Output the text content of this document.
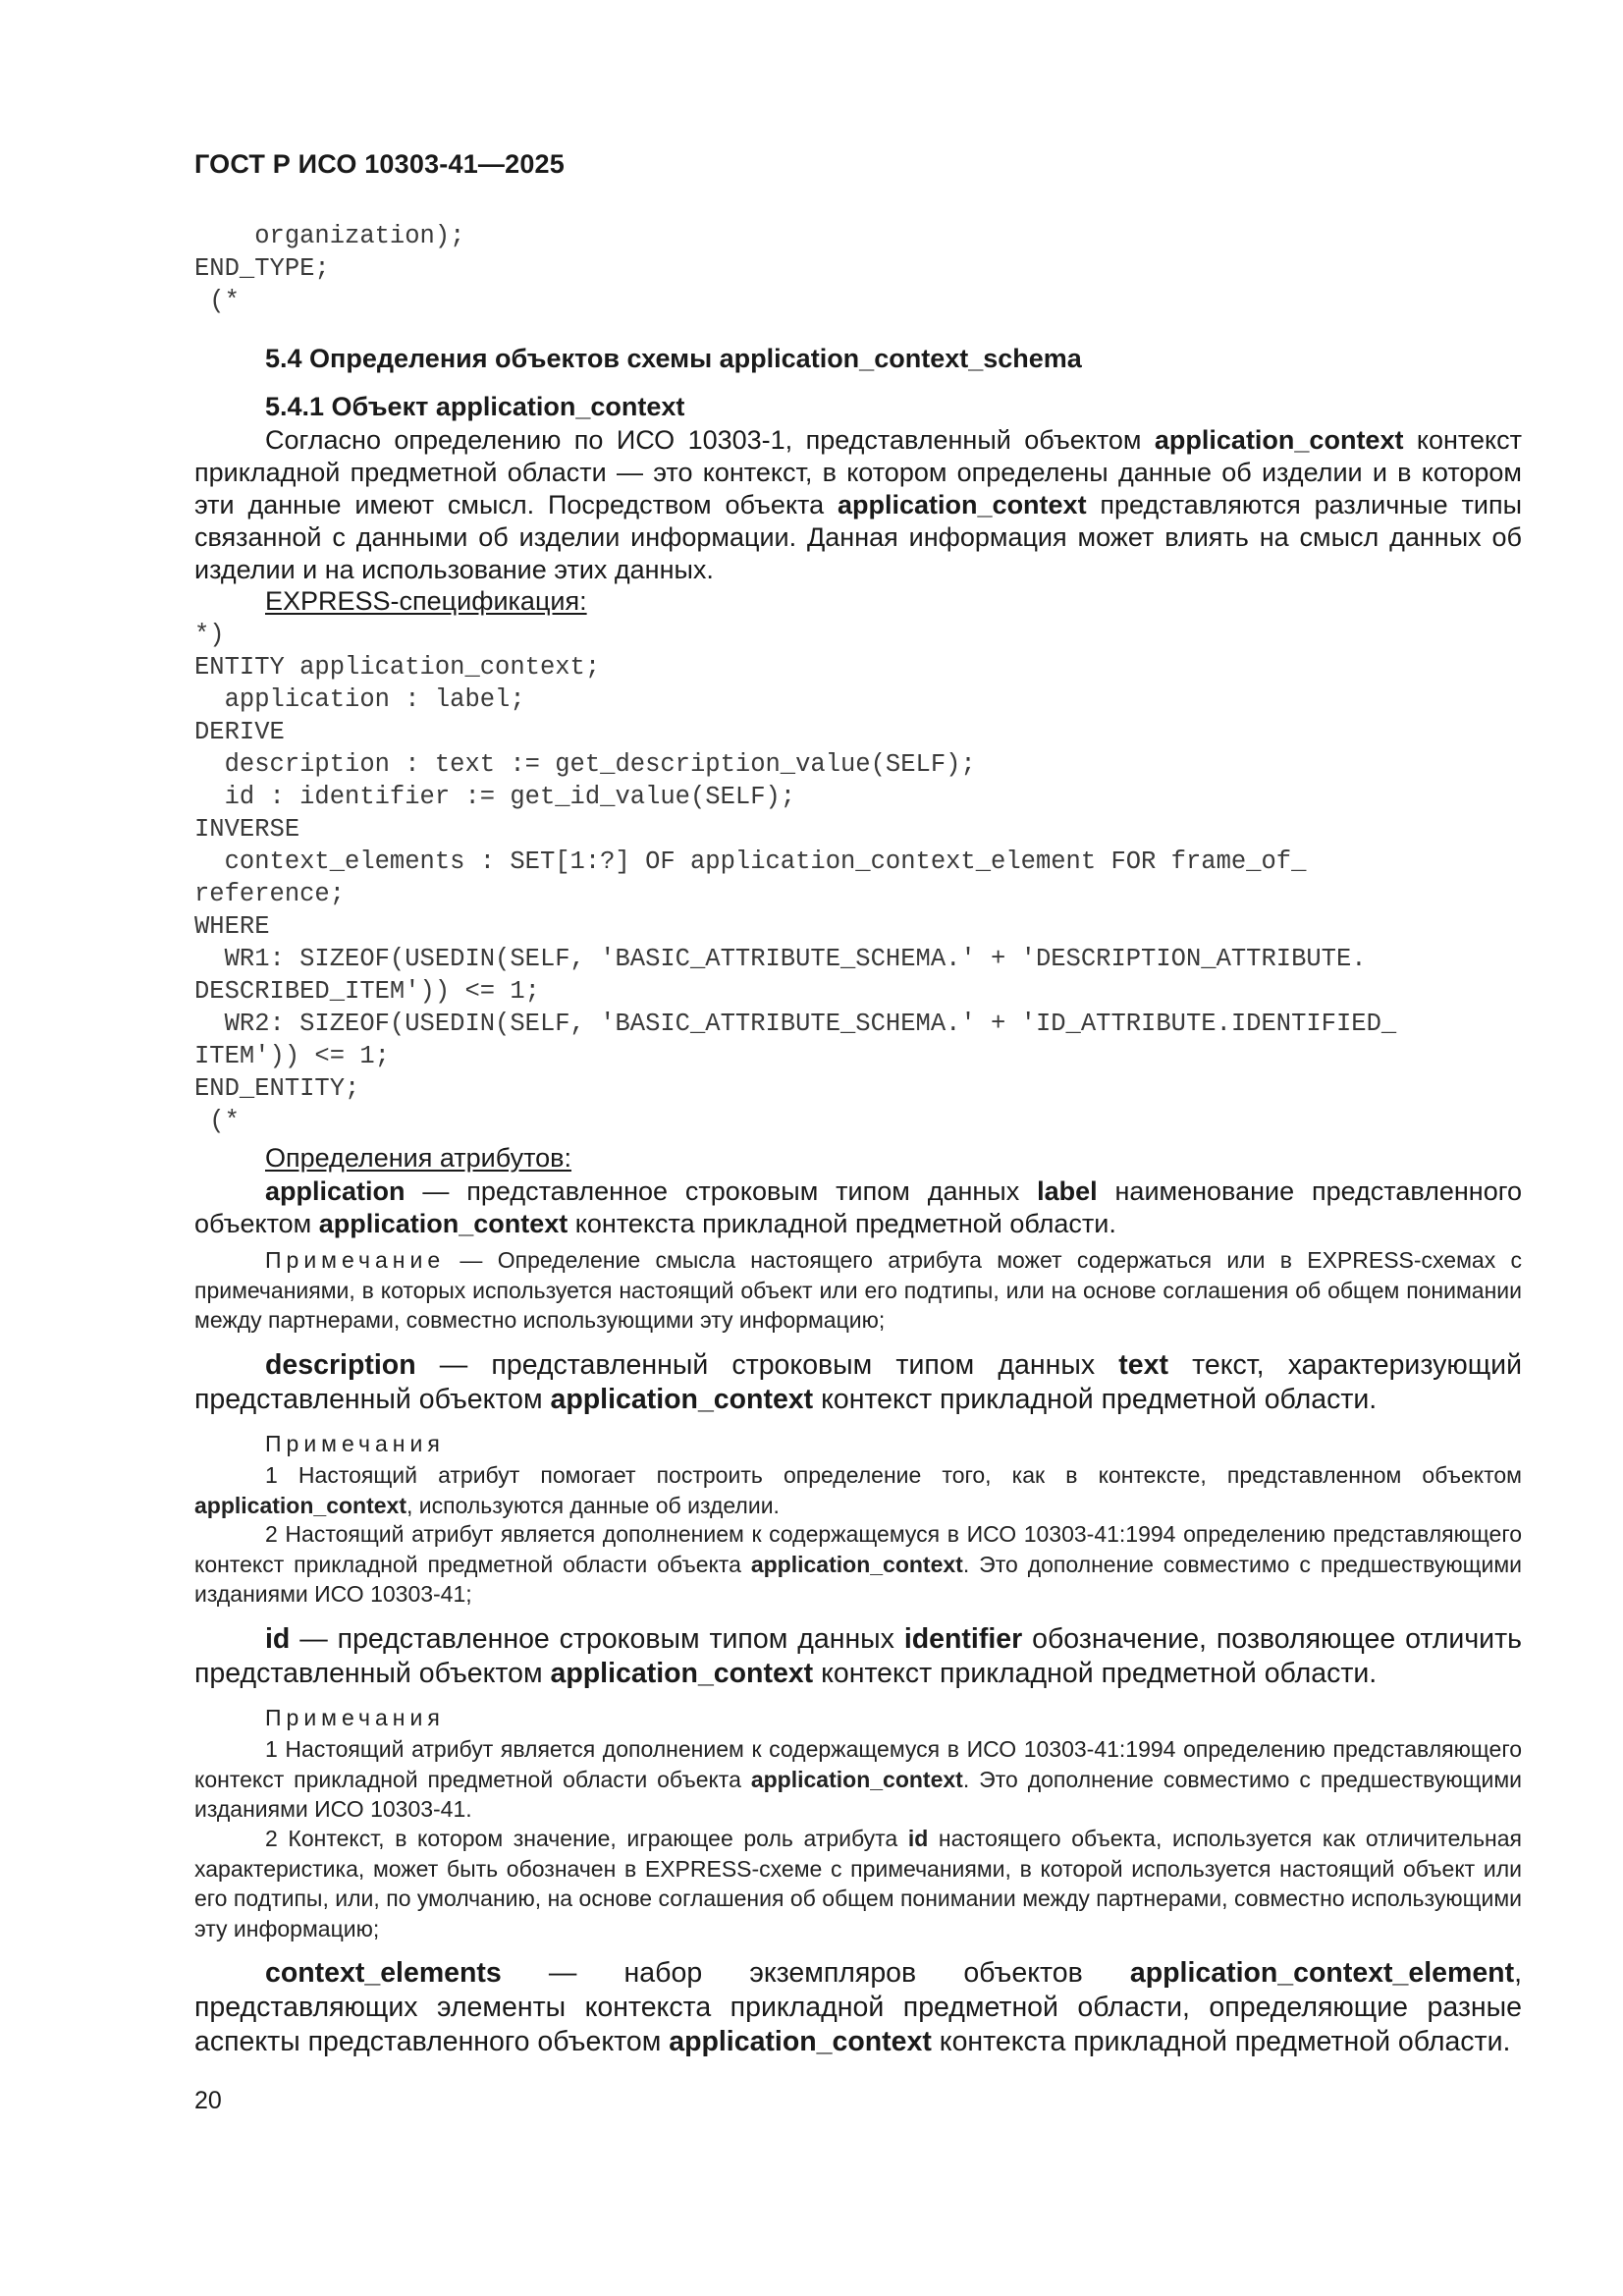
ГОСТ Р ИСО 10303-41—2025
organization);
END_TYPE;
(*
5.4 Определения объектов схемы application_context_schema
5.4.1 Объект application_context
Согласно определению по ИСО 10303-1, представленный объектом application_context контекст прикладной предметной области — это контекст, в котором определены данные об изделии и в котором эти данные имеют смысл. Посредством объекта application_context представляются различные типы связанной с данными об изделии информации. Данная информация может влиять на смысл данных об изделии и на использование этих данных.
EXPRESS-спецификация:
*)
ENTITY application_context;
application : label;
DERIVE
description : text := get_description_value(SELF);
id : identifier := get_id_value(SELF);
INVERSE
context_elements : SET[1:?] OF application_context_element FOR frame_of_
reference;
WHERE
WR1: SIZEOF(USEDIN(SELF, 'BASIC_ATTRIBUTE_SCHEMA.' + 'DESCRIPTION_ATTRIBUTE.
DESCRIBED_ITEM')) <= 1;
WR2: SIZEOF(USEDIN(SELF, 'BASIC_ATTRIBUTE_SCHEMA.' + 'ID_ATTRIBUTE.IDENTIFIED_
ITEM')) <= 1;
END_ENTITY;
(*
Определения атрибутов:
application — представленное строковым типом данных label наименование представленного объектом application_context контекста прикладной предметной области.
Примечание — Определение смысла настоящего атрибута может содержаться или в EXPRESS-схемах с примечаниями, в которых используется настоящий объект или его подтипы, или на основе соглашения об общем понимании между партнерами, совместно использующими эту информацию;
description — представленный строковым типом данных text текст, характеризующий представленный объектом application_context контекст прикладной предметной области.
Примечания
1 Настоящий атрибут помогает построить определение того, как в контексте, представленном объектом application_context, используются данные об изделии.
2 Настоящий атрибут является дополнением к содержащемуся в ИСО 10303-41:1994 определению представляющего контекст прикладной предметной области объекта application_context. Это дополнение совместимо с предшествующими изданиями ИСО 10303-41;
id — представленное строковым типом данных identifier обозначение, позволяющее отличить представленный объектом application_context контекст прикладной предметной области.
Примечания
1 Настоящий атрибут является дополнением к содержащемуся в ИСО 10303-41:1994 определению представляющего контекст прикладной предметной области объекта application_context. Это дополнение совместимо с предшествующими изданиями ИСО 10303-41.
2 Контекст, в котором значение, играющее роль атрибута id настоящего объекта, используется как отличительная характеристика, может быть обозначен в EXPRESS-схеме с примечаниями, в которой используется настоящий объект или его подтипы, или, по умолчанию, на основе соглашения об общем понимании между партнерами, совместно использующими эту информацию;
context_elements — набор экземпляров объектов application_context_element, представляющих элементы контекста прикладной предметной области, определяющие разные аспекты представленного объектом application_context контекста прикладной предметной области.
20
